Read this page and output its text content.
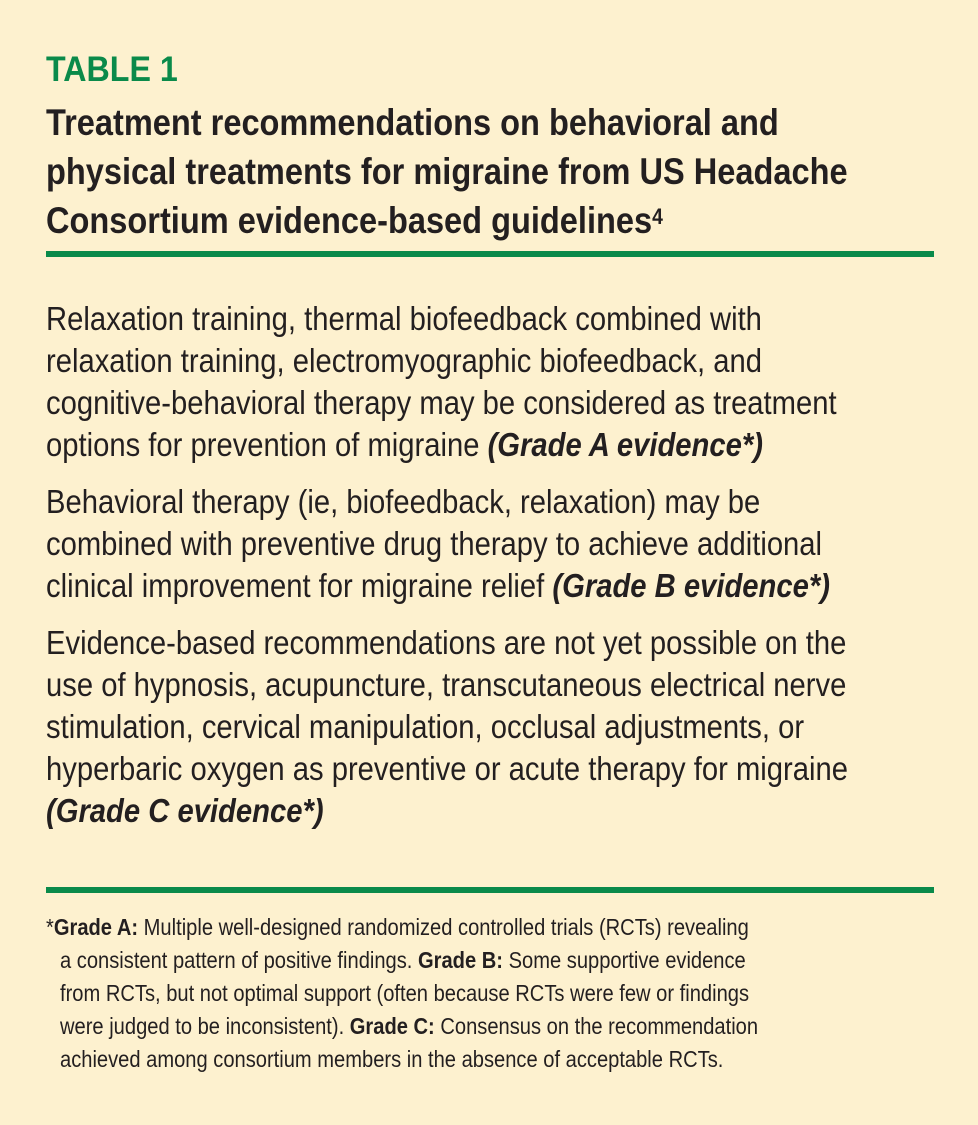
TABLE 1
Treatment recommendations on behavioral and
physical treatments for migraine from US Headache
Consortium evidence-based guidelines$^4$
Relaxation training, thermal biofeedback combined with
relaxation training, electromyographic biofeedback, and
cognitive-behavioral therapy may be considered as treatment
options for prevention of migraine (Grade A evidence*)
Behavioral therapy (ie, biofeedback, relaxation) may be
combined with preventive drug therapy to achieve additional
clinical improvement for migraine relief (Grade B evidence*)
Evidence-based recommendations are not yet possible on the
use of hypnosis, acupuncture, transcutaneous electrical nerve
stimulation, cervical manipulation, occlusal adjustments, or
hyperbaric oxygen as preventive or acute therapy for migraine
(Grade C evidence*)
*Grade A: Multiple well-designed randomized controlled trials (RCTs) revealing
a consistent pattern of positive findings. Grade B: Some supportive evidence
from RCTs, but not optimal support (often because RCTs were few or findings
were judged to be inconsistent). Grade C: Consensus on the recommendation
achieved among consortium members in the absence of acceptable RCTs.
